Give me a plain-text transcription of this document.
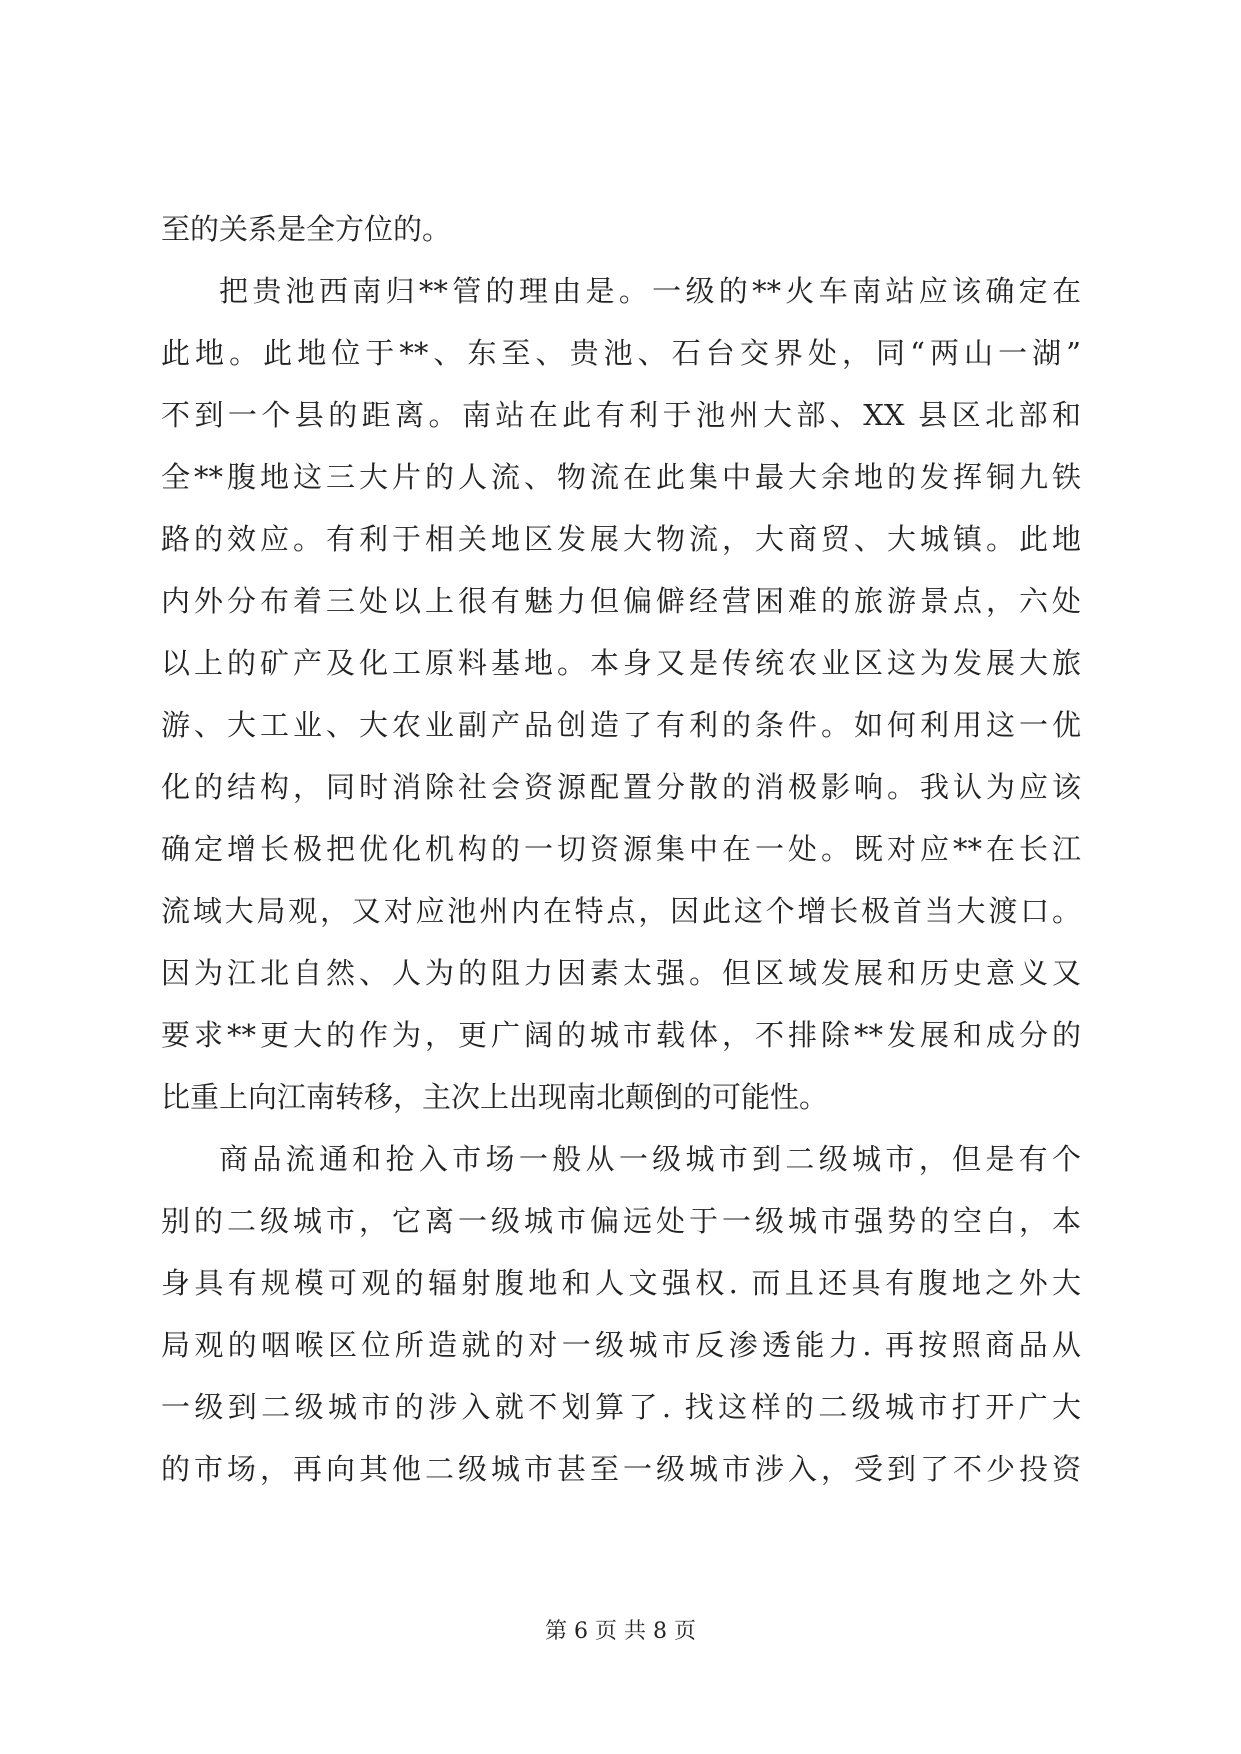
至的关系是全方位的。
把贵池西南归**管的理由是。一级的**火车南站应该确定在
此地。此地位于**、东至、贵池、石台交界处，同“两山一湖”
不到一个县的距离。南站在此有利于池州大部、XX 县区北部和
全**腹地这三大片的人流、物流在此集中最大余地的发挥铜九铁
路的效应。有利于相关地区发展大物流，大商贸、大城镇。此地
内外分布着三处以上很有魅力但偏僻经营困难的旅游景点，六处
以上的矿产及化工原料基地。本身又是传统农业区这为发展大旅
游、大工业、大农业副产品创造了有利的条件。如何利用这一优
化的结构，同时消除社会资源配置分散的消极影响。我认为应该
确定增长极把优化机构的一切资源集中在一处。既对应**在长江
流域大局观，又对应池州内在特点，因此这个增长极首当大渡口。
因为江北自然、人为的阻力因素太强。但区域发展和历史意义又
要求**更大的作为，更广阔的城市载体，不排除**发展和成分的
比重上向江南转移，主次上出现南北颠倒的可能性。
商品流通和抢入市场一般从一级城市到二级城市，但是有个
别的二级城市，它离一级城市偏远处于一级城市强势的空白，本
身具有规模可观的辐射腹地和人文强权. 而且还具有腹地之外大
局观的咽喉区位所造就的对一级城市反渗透能力. 再按照商品从
一级到二级城市的涉入就不划算了. 找这样的二级城市打开广大
的市场，再向其他二级城市甚至一级城市涉入，受到了不少投资
第 6 页 共 8 页
